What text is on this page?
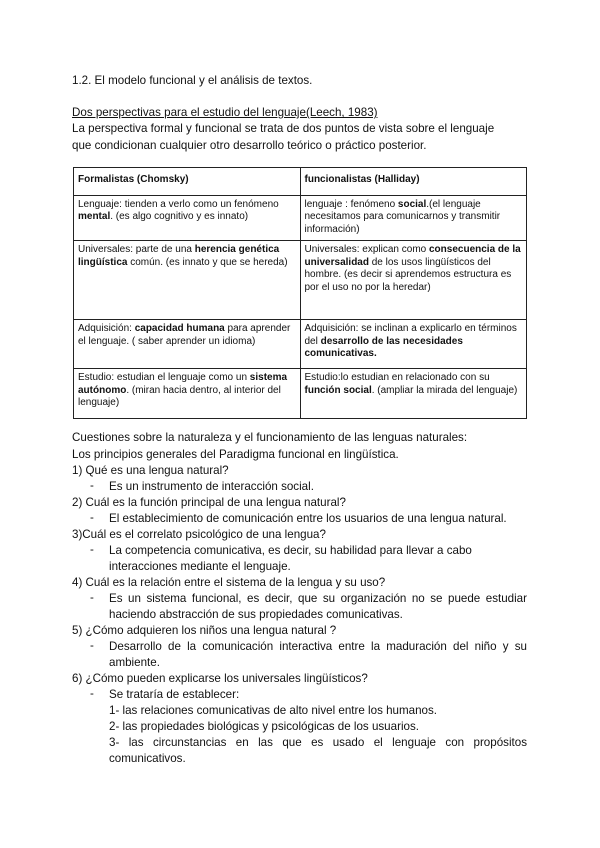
1.2. El modelo funcional y el análisis de textos.
Dos perspectivas para el estudio del lenguaje(Leech, 1983)
La perspectiva formal y funcional se trata de dos puntos de vista sobre el lenguaje
que condicionan cualquier otro desarrollo teórico o práctico posterior.
Formalistas (Chomsky)	funcionalistas (Halliday)
Lenguaje: tienden a verlo como un fenómeno mental. (es algo cognitivo y es innato)	lenguaje : fenómeno social.(el lenguaje necesitamos para comunicarnos y transmitir información)
Universales: parte de una herencia genética lingüística común. (es innato y que se hereda)	Universales: explican como consecuencia de la universalidad de los usos lingüísticos del hombre. (es decir si aprendemos estructura es por el uso no por la heredar)
Adquisición: capacidad humana para aprender el lenguaje. ( saber aprender un idioma)	Adquisición: se inclinan a explicarlo en términos del desarrollo de las necesidades comunicativas.
Estudio: estudian el lenguaje como un sistema autónomo. (miran hacia dentro, al interior del lenguaje)	Estudio:lo estudian en relacionado con su función social. (ampliar la mirada del lenguaje)
Cuestiones sobre la naturaleza y el funcionamiento de las lenguas naturales:
Los principios generales del Paradigma funcional en lingüística.
1) Qué es una lengua natural?
- Es un instrumento de interacción social.
2) Cuál es la función principal de una lengua natural?
- El establecimiento de comunicación entre los usuarios de una lengua natural.
3)Cuál es el correlato psicológico de una lengua?
- La competencia comunicativa, es decir, su habilidad para llevar a cabo interacciones mediante el lenguaje.
4) Cuál es la relación entre el sistema de la lengua y su uso?
- Es un sistema funcional, es decir, que su organización no se puede estudiar haciendo abstracción de sus propiedades comunicativas.
5) ¿Cómo adquieren los niños una lengua natural ?
- Desarrollo de la comunicación interactiva entre la maduración del niño y su ambiente.
6) ¿Cómo pueden explicarse los universales lingüísticos?
- Se trataría de establecer:
1- las relaciones comunicativas de alto nivel entre los humanos.
2- las propiedades biológicas y psicológicas de los usuarios.
3- las circunstancias en las que es usado el lenguaje con propósitos comunicativos.
